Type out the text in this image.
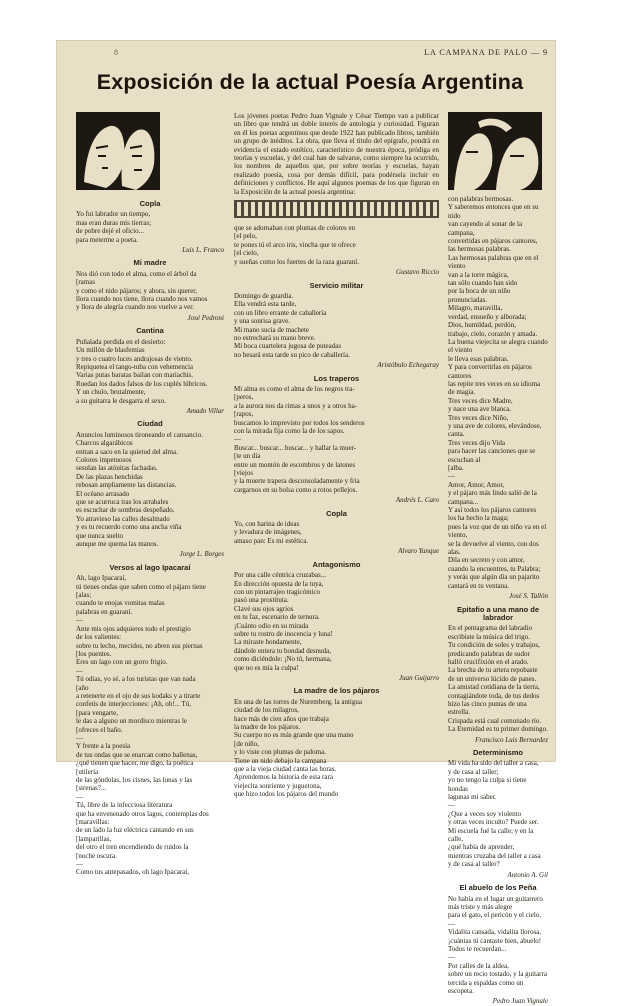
8	LA CAMPANA DE PALO — 9
Exposición de la actual Poesía Argentina
Copla

Yo fui labrador un tiempo,
mas eran duras mis tierras;
de pobre dejé el oficio...
para meterme a poeta.

Luis L. Franco
Mi madre

Nos dió con todo el alma, como el árbol da
[ramas
y como el nido pájaros; y ahora, sin querer,
llora cuando nos tiene, llora cuando nos vamos
y llora de alegría cuando nos vuelve a ver.

José Pedroni
Cantina

Puñalada perdida en el desierto:
Un millón de blasfemias
y tres o cuatro luces andrajosas de viento.
Repiquetea el tango-tuba con vehemencia
Varias putas baratas bailan con mariachis.
Ruedan los dados falsos de los cuplés lúbricos.
Y un chulo, brutalmente,
a su guitarra le desgarra el sexo.

Amado Villar
Ciudad

Anuncios luminosos tironeando el cansancio.
Charcos algarábicos
entran a saco en la quietud del alma.
Colores impetuosos
sesulan las atónitas fachadas.
De las plazas henchidas
rebosan ampliamente las distancias.
El océano arrasado
que se acurruca tras los arrabales
es escuchar de sombras despeñado.
Yo atravieso las calles desalmado
y es tu recuerdo como una ancha viña
que nunca suelto
aunque me quema las manos.

Jorge L. Borges
Versos al lago Ipacaraí

Ah, lago Ipacaraí,
tú tienes ondas que saben como el pájaro tiene
[alas;
cuando te enojas vomitas malas
palabras en guaraní.
—
Ante mis ojos adquieres todo el prestigio
de los valientes:
sobre tu lecho, mecidos, no abren sus piernas
[los puentes.
Eres un lago con un gorro frigio.
—
Tú odias, yo sé, a los turistas que van nada
[año
a retenerte en el ojo de sus kodaks y a tirarte
confetis de interjecciones: ¡Ah, oh!... Tú,
[para vengarte,
le das a alguno un mordisco mientras le
[ofreces el baño.
—
Y frente a la poesía
de tus ondas que se enarcan como ballenas,
¿qué tienen que hacer, me digo, la poética
[utilería
de las góndolas, los cisnes, las lunas y las
[sirenas?...
—
Tú, libre de la infecciosa literatura
que ha envenenado otros lagos, contemplas dos
[maravillas:
de un lado la luz eléctrica cantando en sus
[lamparillas,
del otro el tren encendiendo de ruidos la
[noche oscura.
—
Como tus antepasados, oh lago Ipacaraí,

Los jóvenes poetas Pedro Juan Vignale y César Tiempo van a publicar un libro que tendrá un doble interés de antología y curiosidad. Figuran en él los poetas argentinos que desde 1922 han publicado libros, también un grupo de inéditos. La obra, que lleva el título del epígrafe, pondrá en evidencia el estado estético, característico de nuestra época, pródiga en teorías y escuelas, y del cual han de salvarse, como siempre ha ocurrido, los nombres de aquellos que, por sobre teorías y escuelas, hayan realizado poesía, cosa por demás difícil, para podérsela incluir en definiciones y conflictos. He aquí algunos poemas de los que figuran en la Exposición de la actual poesía argentina:

que se adornaban con plumas de colores en
[el pelo,
te pones tú el arco iris, vincha que te ofrece
[el cielo,
y sueñas como los fuertes de la raza guaraní.

Gustavo Riccio
Servicio militar

Domingo de guardia.
Ella vendrá esta tarde,
con un libro errante de caballería
y una sonrisa grave.
Mi mano sucia de machete
no estrechará su mano breve.
Mi boca cuartelera jugosa de puteadas
no besará esta tarde su pico de caballería.

Aristóbulo Echegaray
Los traperos

Mi alma es como el alma de los negros tra-
[peros,
a la aurora nos da rimas a unos y a otros ha-
[rapos,
buscamos lo imprevisto por todos los senderos
con la mirada fija como la de los sapos.
—
Buscar... buscar... buscar... y hallar la muer-
[te un día
entre un montón de escombros y de latones
[viejos
y la muerte trapera desconsoladamente y fría
cargarnos en su bolsa como a rotos pellejos.

Andrés L. Caro
Copla

Yo, con harina de ideas
y levadura de imágenes,
amaso pan: Es mi estética.

Alvaro Yunque
Antagonismo

Por una calle céntrica cruzabas...
En dirección opuesta de la tuya,
con un pintarrajeo tragicómico
pasó una prostituta.
Clavé sus ojos agrios
en tu faz, escenario de ternura.
¡Cuánto odio en su mirada
sobre tu rostro de inocencia y luna!
La miraste hondamente,
dándole entera tu bondad desnuda,
como diciéndole: ¡No tú, hermana,
que no es mía la culpa!

Juan Guijarro
La madre de los pájaros

En una de las torres de Nuremberg, la antigua
ciudad de los milagros,
hace más de cien años que trabaja
la madre de los pájaros.
Su cuerpo no es más grande que una mano
[de niño,
y lo viste con plumas de paloma.
Tiene un nido debajo la campana
que a la vieja ciudad canta las horas.
Aprendemos la historia de esta rara
viejecita sonriente y juguetona,
que hizo todos los pájaros del mundo

con palabras hermosas.
Y saberemos entonces que en su nido
van cayendo al sonar de la campana,
convertidas en pájaros cantores,
las hermosas palabras.
Las hermosas palabras que en el viento
van a la torre mágica,
tan sólo cuando han sido
por la boca de un niño pronunciadas.
Milagro, maravilla,
verdad, ensueño y alborada;
Dios, humildad, perdón,
trabajo, cielo, corazón y amada.
La buena viejecita se alegra cuando el viento
le lleva esas palabras.
Y para convertirlas en pájaros cantores
las repite tres veces en su idioma de magia.
Tres veces dice Madre,
y nace una ave blanca.
Tres veces dice Niño,
y una ave de colores, elevándose, canta.
Tres veces dijo Vida
para hacer las canciones que se escuchan al
[alba.
—
Amor, Amor, Amor,
y el pájaro más lindo salió de la campana...
Y así todos los pájaros cantores
los ha hecho la maga;
pues la voz que de un niño va en el viento,
se la devuelve al viento, con dos alas.
Dila en secreto y con amor,
cuando la encuentres, tu Palabra;
y verás que algún día un pajarito
cantará en tu ventana.

José S. Tallón
Epitafio a una mano de labrador

En el pentagrama del labradío
escribiste la música del trigo.
Tu condición de soles y trabajos,
predicando palabras de sudor
halló crucifixión en el arado.
La brecha de tu artera repobaste
de un universo lúcido de panes.
La amistad cotidiana de la tierra,
contagiándote toda, de tus dedos
hizo las cinco puntas de una estrella.
Crispada está cual comunado río.
La Eternidad es tu primer domingo.

Francisco Luis Bernardez
Determinismo

Mi vida ha sido del taller a casa,
y de casa al taller;
yo no tengo la culpa si tiene hondas
lagunas mi saber.
—
¿Que a veces soy violento
y otras veces inculto? Puede ser.
Mi escuela fué la calle; y en la calle,
¿qué había de aprender,
mientras cruzaba del taller a casa
y de casa al taller?

Antonio A. Gil
El abuelo de los Peña

No había en el lugar un guitarrero
más triste y más alegre
para el gato, el pericón y el cielo.
—
Vidalita cansada, vidalita llorosa,
¡cuántas tú cantaste bien, abuelo!
Todos te recuerdan...
—
Por calles de la aldea,
sobre un recio tostado, y la guitarra
tercida a espaldas como un escopeta.

Pedro Juan Vignale
